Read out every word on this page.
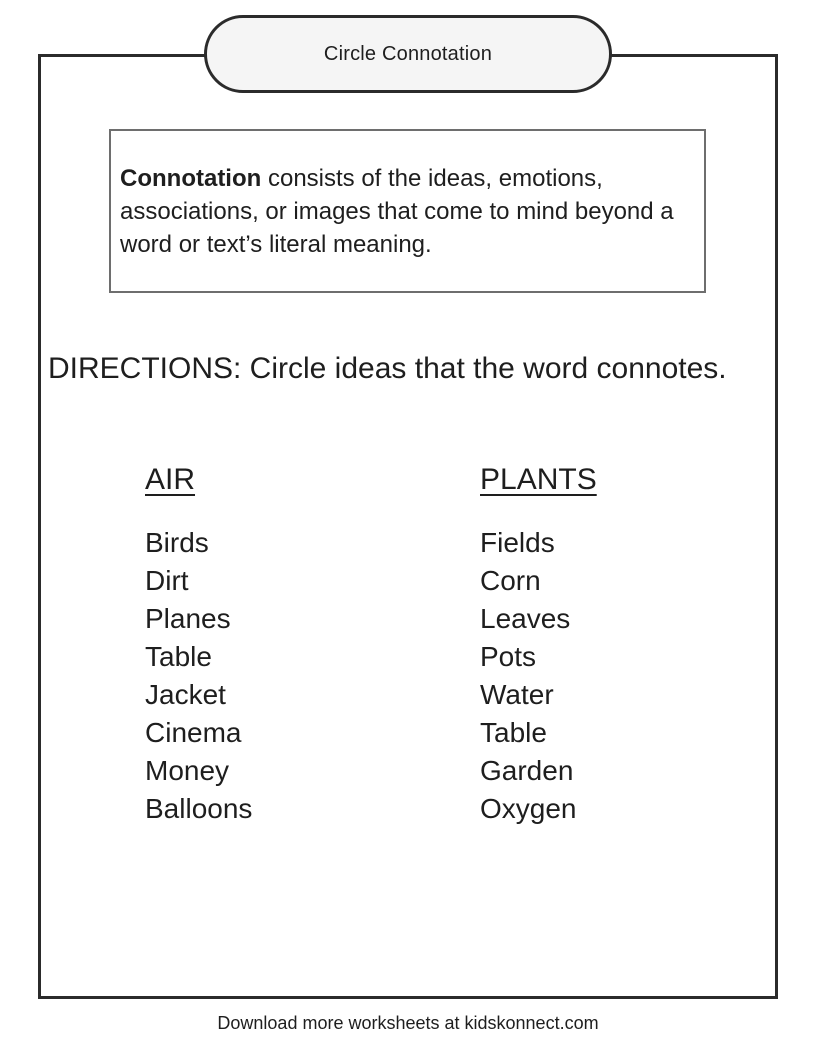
Circle Connotation
Connotation consists of the ideas, emotions, associations, or images that come to mind beyond a word or text’s literal meaning.
DIRECTIONS: Circle ideas that the word connotes.
AIR
Birds
Dirt
Planes
Table
Jacket
Cinema
Money
Balloons
PLANTS
Fields
Corn
Leaves
Pots
Water
Table
Garden
Oxygen
Download more worksheets at kidskonnect.com
